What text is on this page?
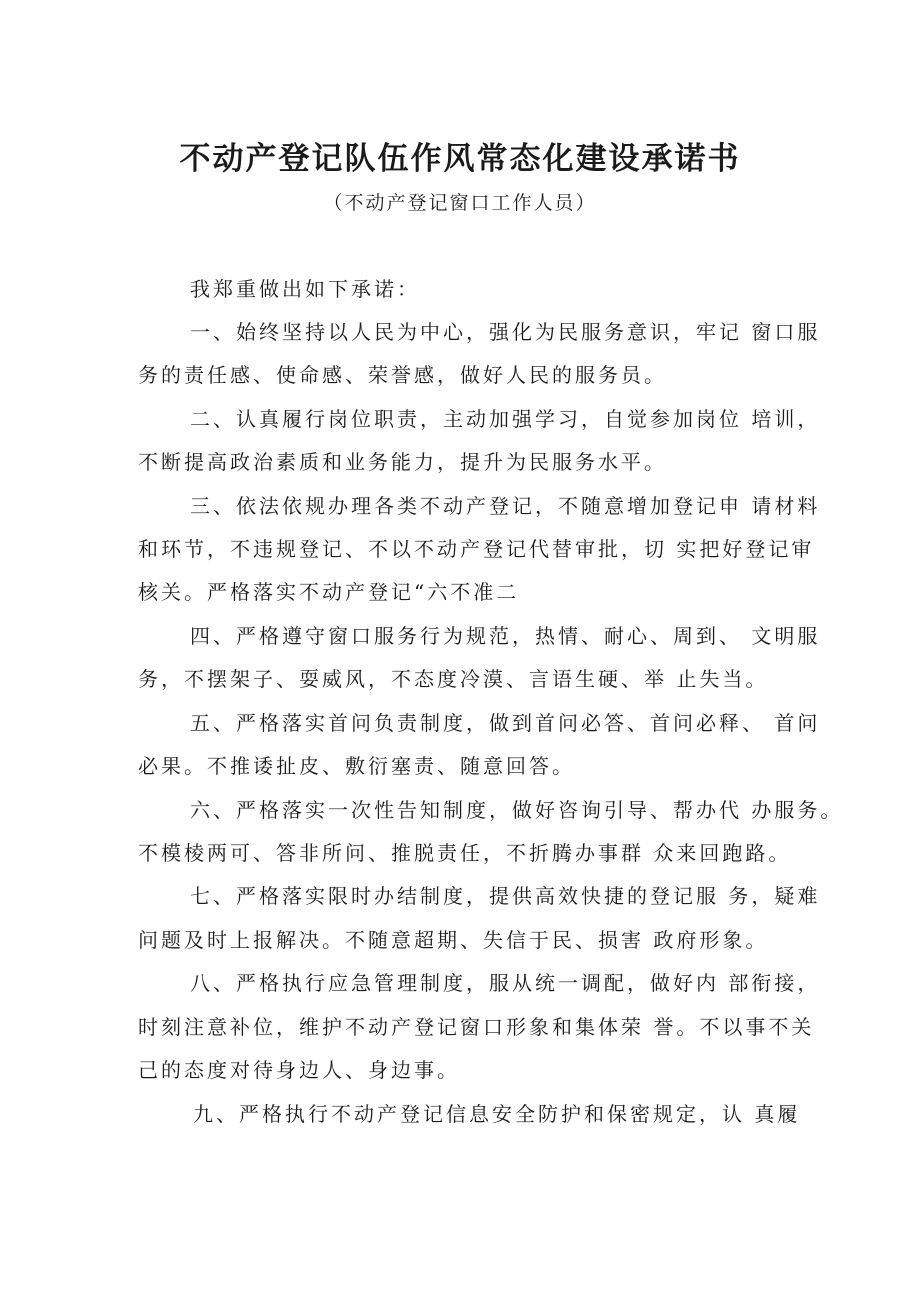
不动产登记队伍作风常态化建设承诺书

（不动产登记窗口工作人员）

我郑重做出如下承诺：

一、始终坚持以人民为中心，强化为民服务意识，牢记 窗口服

务的责任感、使命感、荣誉感，做好人民的服务员。

二、认真履行岗位职责，主动加强学习，自觉参加岗位 培训，

不断提高政治素质和业务能力，提升为民服务水平。

三、依法依规办理各类不动产登记，不随意增加登记申 请材料

和环节，不违规登记、不以不动产登记代替审批，切 实把好登记审

核关。严格落实不动产登记“六不准二

四、严格遵守窗口服务行为规范，热情、耐心、周到、 文明服

务，不摆架子、耍威风，不态度冷漠、言语生硬、举 止失当。

五、严格落实首问负责制度，做到首问必答、首问必释、 首问

必果。不推诿扯皮、敷衍塞责、随意回答。

六、严格落实一次性告知制度，做好咨询引导、帮办代 办服务。

不模棱两可、答非所问、推脱责任，不折腾办事群 众来回跑路。

七、严格落实限时办结制度，提供高效快捷的登记服 务，疑难

问题及时上报解决。不随意超期、失信于民、损害 政府形象。

八、严格执行应急管理制度，服从统一调配，做好内 部衔接，

时刻注意补位，维护不动产登记窗口形象和集体荣 誉。不以事不关

己的态度对待身边人、身边事。

九、严格执行不动产登记信息安全防护和保密规定，认 真履
